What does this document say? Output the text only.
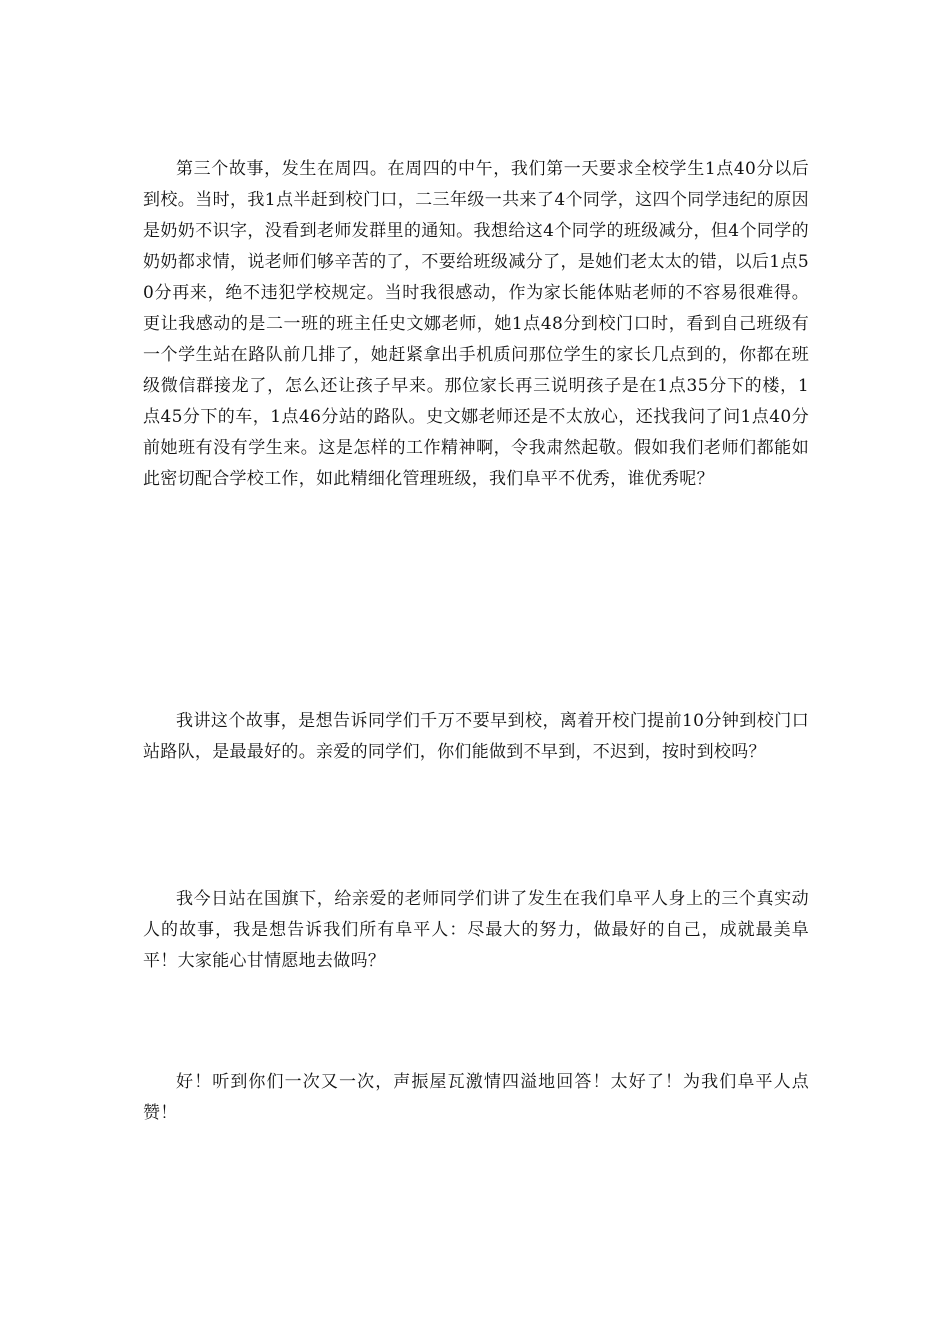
第三个故事，发生在周四。在周四的中午，我们第一天要求全校学生1点40分以后到校。当时，我1点半赶到校门口，二三年级一共来了4个同学，这四个同学违纪的原因是奶奶不识字，没看到老师发群里的通知。我想给这4个同学的班级减分，但4个同学的奶奶都求情，说老师们够辛苦的了，不要给班级减分了，是她们老太太的错，以后1点50分再来，绝不违犯学校规定。当时我很感动，作为家长能体贴老师的不容易很难得。更让我感动的是二一班的班主任史文娜老师，她1点48分到校门口时，看到自己班级有一个学生站在路队前几排了，她赶紧拿出手机质问那位学生的家长几点到的，你都在班级微信群接龙了，怎么还让孩子早来。那位家长再三说明孩子是在1点35分下的楼，1点45分下的车，1点46分站的路队。史文娜老师还是不太放心，还找我问了问1点40分前她班有没有学生来。这是怎样的工作精神啊，令我肃然起敬。假如我们老师们都能如此密切配合学校工作，如此精细化管理班级，我们阜平不优秀，谁优秀呢？

我讲这个故事，是想告诉同学们千万不要早到校，离着开校门提前10分钟到校门口站路队，是最最好的。亲爱的同学们，你们能做到不早到，不迟到，按时到校吗？

我今日站在国旗下，给亲爱的老师同学们讲了发生在我们阜平人身上的三个真实动人的故事，我是想告诉我们所有阜平人：尽最大的努力，做最好的自己，成就最美阜平！大家能心甘情愿地去做吗？

好！听到你们一次又一次，声振屋瓦激情四溢地回答！太好了！为我们阜平人点赞！
